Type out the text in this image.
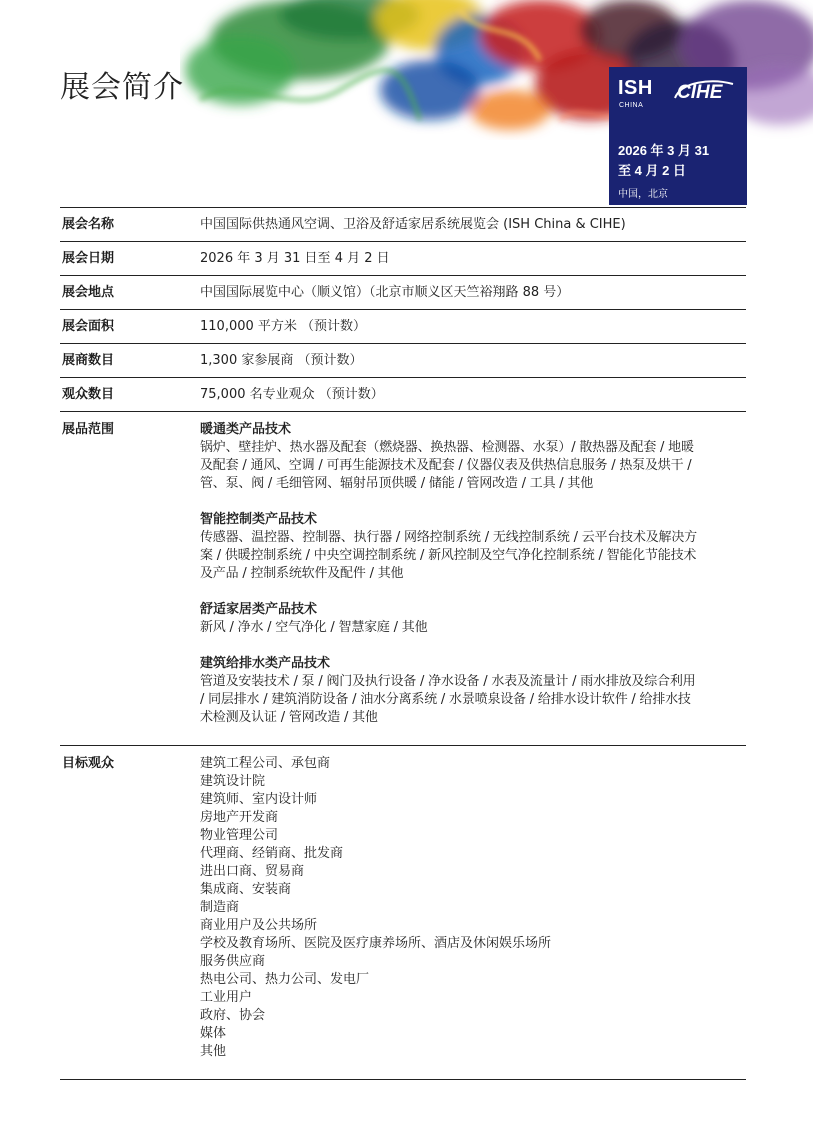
展会简介	ISH
CHINA
CIHE
2026 年 3 月 31
至 4 月 2 日
中国，北京
展会名称	中国国际供热通风空调、卫浴及舒适家居系统展览会 (ISH China & CIHE)
展会日期	2026 年 3 月 31 日至 4 月 2 日
展会地点	中国国际展览中心（顺义馆）（北京市顺义区天竺裕翔路 88 号）
展会面积	110,000 平方米 （预计数）
展商数目	1,300 家参展商 （预计数）
观众数目	75,000 名专业观众 （预计数）
展品范围	暖通类产品技术
锅炉、壁挂炉、热水器及配套（燃烧器、换热器、检测器、水泵）/ 散热器及配套 / 地暖
及配套 / 通风、空调 / 可再生能源技术及配套 / 仪器仪表及供热信息服务 / 热泵及烘干 /
管、泵、阀 / 毛细管网、辐射吊顶供暖 / 储能 / 管网改造 / 工具 / 其他
智能控制类产品技术
传感器、温控器、控制器、执行器 / 网络控制系统 / 无线控制系统 / 云平台技术及解决方
案 / 供暖控制系统 / 中央空调控制系统 / 新风控制及空气净化控制系统 / 智能化节能技术
及产品 / 控制系统软件及配件 / 其他
舒适家居类产品技术
新风 / 净水 / 空气净化 / 智慧家庭 / 其他
建筑给排水类产品技术
管道及安装技术 / 泵 / 阀门及执行设备 / 净水设备 / 水表及流量计 / 雨水排放及综合利用
/ 同层排水 / 建筑消防设备 / 油水分离系统 / 水景喷泉设备 / 给排水设计软件 / 给排水技
术检测及认证 / 管网改造 / 其他
目标观众	建筑工程公司、承包商
建筑设计院
建筑师、室内设计师
房地产开发商
物业管理公司
代理商、经销商、批发商
进出口商、贸易商
集成商、安装商
制造商
商业用户及公共场所
学校及教育场所、医院及医疗康养场所、酒店及休闲娱乐场所
服务供应商
热电公司、热力公司、发电厂
工业用户
政府、协会
媒体
其他
